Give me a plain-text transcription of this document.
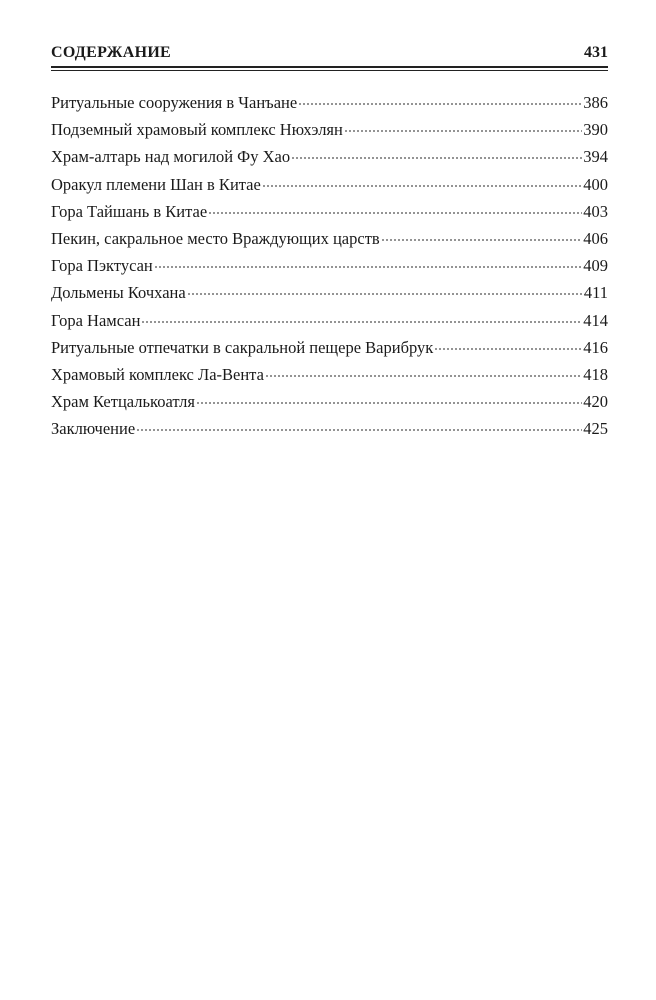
СОДЕРЖАНИЕ	431
Ритуальные сооружения в Чанъане	386
Подземный храмовый комплекс Нюхэлян	390
Храм-алтарь над могилой Фу Хао	394
Оракул племени Шан в Китае	400
Гора Тайшань в Китае	403
Пекин, сакральное место Враждующих царств	406
Гора Пэктусан	409
Дольмены Кочхана	411
Гора Намсан	414
Ритуальные отпечатки в сакральной пещере Варибрук	416
Храмовый комплекс Ла-Вента	418
Храм Кетцалькоатля	420
Заключение	425
